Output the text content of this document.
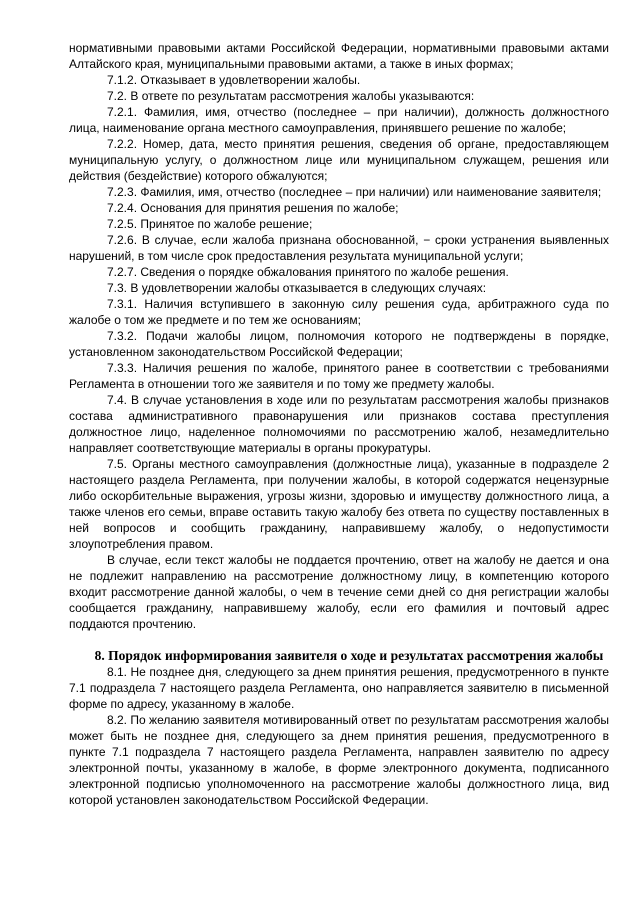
нормативными правовыми актами Российской Федерации, нормативными правовыми актами Алтайского края, муниципальными правовыми актами, а также в иных формах;

7.1.2. Отказывает в удовлетворении жалобы.

7.2. В ответе по результатам рассмотрения жалобы указываются:

7.2.1. Фамилия, имя, отчество (последнее – при наличии), должность должностного лица, наименование органа местного самоуправления, принявшего решение по жалобе;

7.2.2. Номер, дата, место принятия решения, сведения об органе, предоставляющем муниципальную услугу, о должностном лице или муниципальном служащем, решения или действия (бездействие) которого обжалуются;

7.2.3. Фамилия, имя, отчество (последнее – при наличии) или наименование заявителя;

7.2.4. Основания для принятия решения по жалобе;

7.2.5. Принятое по жалобе решение;

7.2.6. В случае, если жалоба признана обоснованной, − сроки устранения выявленных нарушений, в том числе срок предоставления результата муниципальной услуги;

7.2.7. Сведения о порядке обжалования принятого по жалобе решения.

7.3. В удовлетворении жалобы отказывается в следующих случаях:

7.3.1. Наличия вступившего в законную силу решения суда, арбитражного суда по жалобе о том же предмете и по тем же основаниям;

7.3.2. Подачи жалобы лицом, полномочия которого не подтверждены в порядке, установленном законодательством Российской Федерации;

7.3.3. Наличия решения по жалобе, принятого ранее в соответствии с требованиями Регламента в отношении того же заявителя и по тому же предмету жалобы.

7.4. В случае установления в ходе или по результатам рассмотрения жалобы признаков состава административного правонарушения или признаков состава преступления должностное лицо, наделенное полномочиями по рассмотрению жалоб, незамедлительно направляет соответствующие материалы в органы прокуратуры.

7.5. Органы местного самоуправления (должностные лица), указанные в подразделе 2 настоящего раздела Регламента, при получении жалобы, в которой содержатся нецензурные либо оскорбительные выражения, угрозы жизни, здоровью и имуществу должностного лица, а также членов его семьи, вправе оставить такую жалобу без ответа по существу поставленных в ней вопросов и сообщить гражданину, направившему жалобу, о недопустимости злоупотребления правом.

В случае, если текст жалобы не поддается прочтению, ответ на жалобу не дается и она не подлежит направлению на рассмотрение должностному лицу, в компетенцию которого входит рассмотрение данной жалобы, о чем в течение семи дней со дня регистрации жалобы сообщается гражданину, направившему жалобу, если его фамилия и почтовый адрес поддаются прочтению.

8. Порядок информирования заявителя о ходе и результатах рассмотрения жалобы

8.1. Не позднее дня, следующего за днем принятия решения, предусмотренного в пункте 7.1 подраздела 7 настоящего раздела Регламента, оно направляется заявителю в письменной форме по адресу, указанному в жалобе.

8.2. По желанию заявителя мотивированный ответ по результатам рассмотрения жалобы может быть не позднее дня, следующего за днем принятия решения, предусмотренного в пункте 7.1 подраздела 7 настоящего раздела Регламента, направлен заявителю по адресу электронной почты, указанному в жалобе, в форме электронного документа, подписанного электронной подписью уполномоченного на рассмотрение жалобы должностного лица, вид которой установлен законодательством Российской Федерации.
